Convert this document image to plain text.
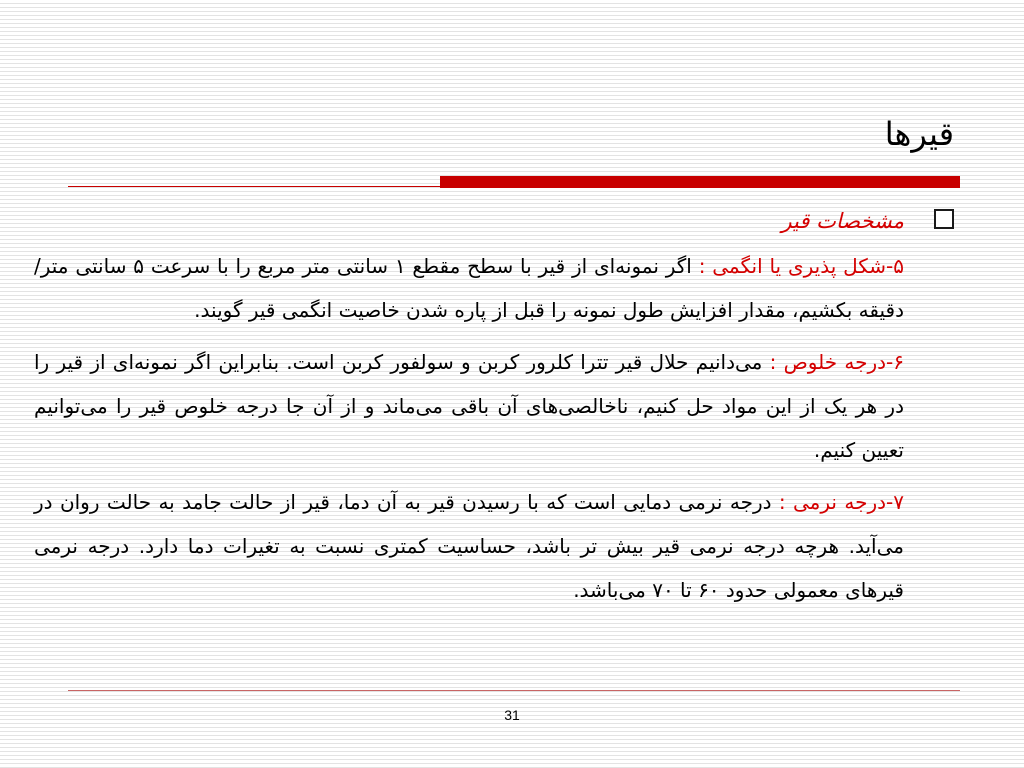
قیرها
مشخصات قیر

۵-شکل پذیری یا انگمی : اگر نمونه‌ای از قیر با سطح مقطع ۱ سانتی متر مربع را با سرعت ۵ سانتی متر/دقیقه بکشیم، مقدار افزایش طول نمونه را قبل از پاره شدن خاصیت انگمی قیر گویند.

۶-درجه خلوص : می‌دانیم حلال قیر تترا کلرور کربن و سولفور کربن است. بنابراین اگر نمونه‌ای از قیر را در هر یک از این مواد حل کنیم، ناخالصی‌های آن باقی می‌ماند و از آن جا درجه خلوص قیر را می‌توانیم تعیین کنیم.

۷-درجه نرمی : درجه نرمی دمایی است که با رسیدن قیر به آن دما، قیر از حالت جامد به حالت روان در می‌آید. هرچه درجه نرمی قیر بیش تر باشد، حساسیت کمتری نسبت به تغیرات دما دارد. درجه نرمی قیرهای معمولی حدود ۶۰ تا ۷۰ می‌باشد.

31
